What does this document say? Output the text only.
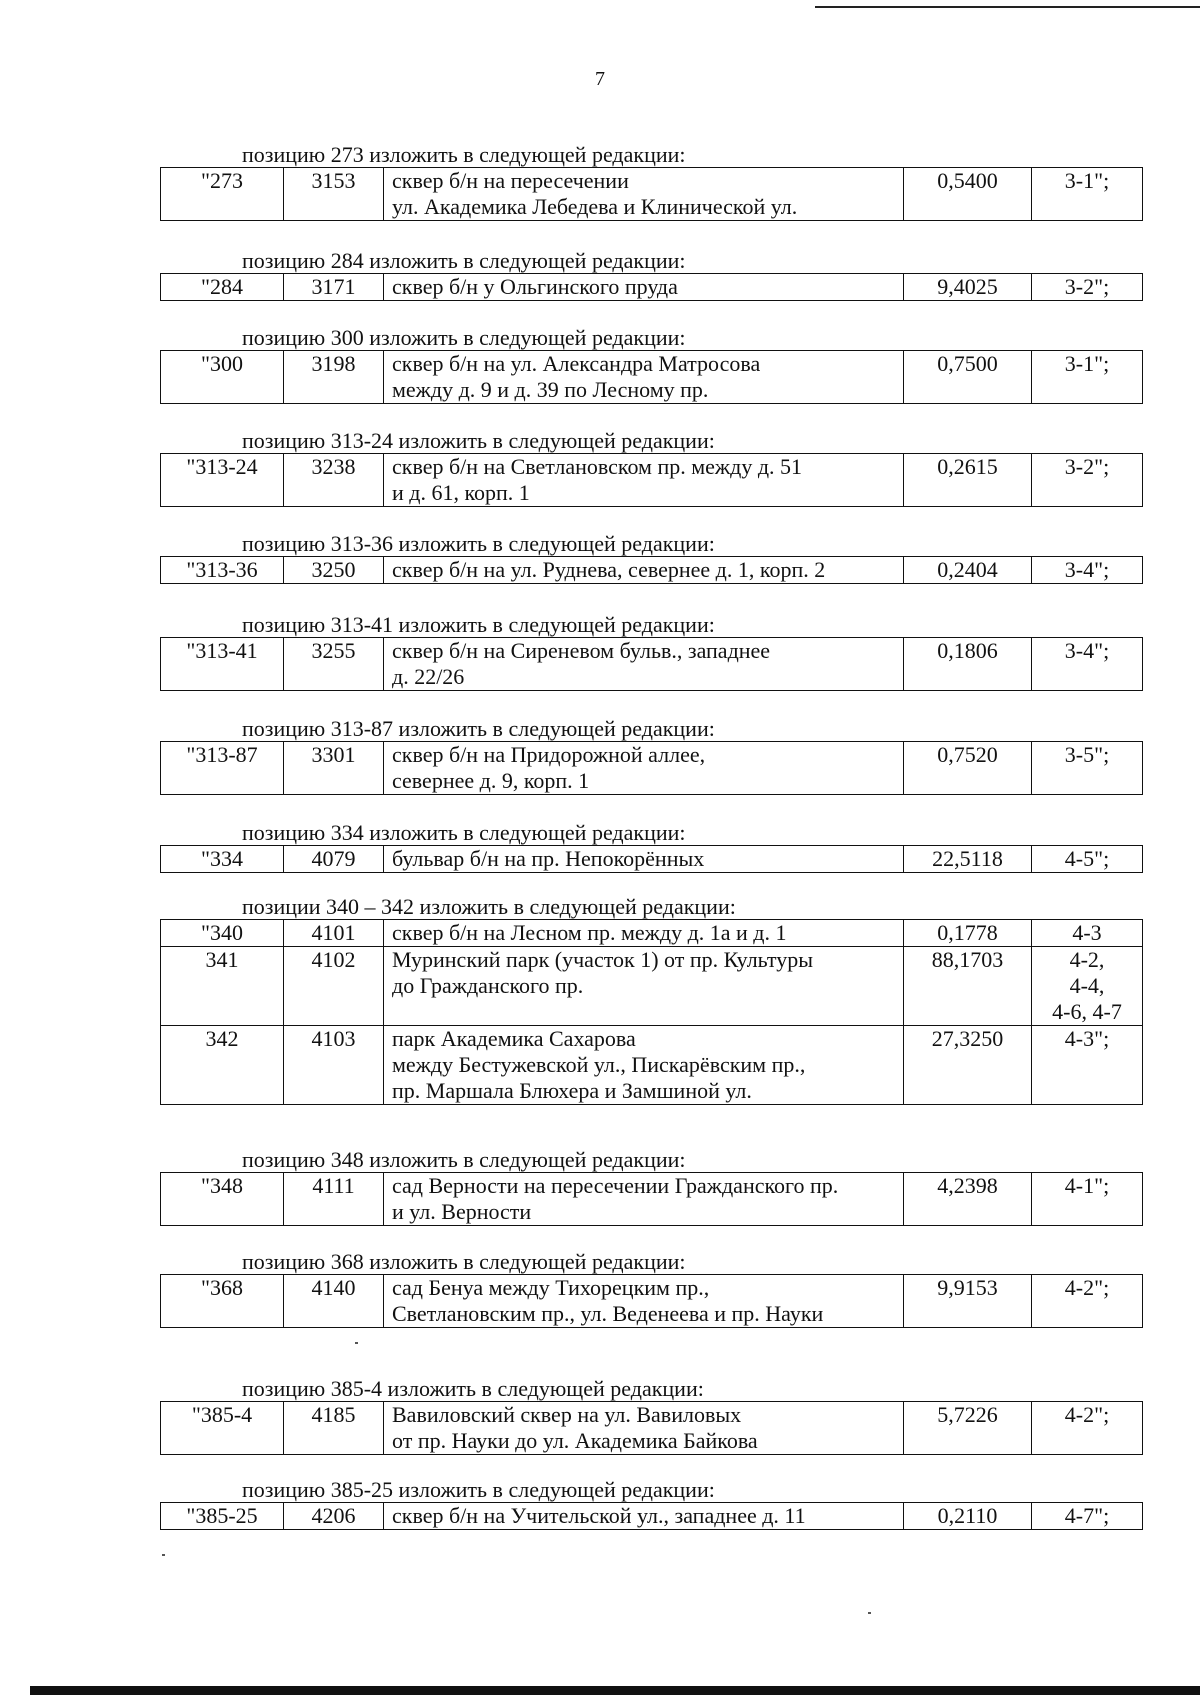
7
позицию 273 изложить в следующей редакции:
"273	3153	сквер б/н на пересечении
ул. Академика Лебедева и Клинической ул.	0,5400	3-1";
позицию 284 изложить в следующей редакции:
"284	3171	сквер б/н у Ольгинского пруда	9,4025	3-2";
позицию 300 изложить в следующей редакции:
"300	3198	сквер б/н на ул. Александра Матросова
между д. 9 и д. 39 по Лесному пр.	0,7500	3-1";
позицию 313-24 изложить в следующей редакции:
"313-24	3238	сквер б/н на Светлановском пр. между д. 51
и д. 61, корп. 1	0,2615	3-2";
позицию 313-36 изложить в следующей редакции:
"313-36	3250	сквер б/н на ул. Руднева, севернее д. 1, корп. 2	0,2404	3-4";
позицию 313-41 изложить в следующей редакции:
"313-41	3255	сквер б/н на Сиреневом бульв., западнее
д. 22/26	0,1806	3-4";
позицию 313-87 изложить в следующей редакции:
"313-87	3301	сквер б/н на Придорожной аллее,
севернее д. 9, корп. 1	0,7520	3-5";
позицию 334 изложить в следующей редакции:
"334	4079	бульвар б/н на пр. Непокорённых	22,5118	4-5";
позиции 340 – 342 изложить в следующей редакции:
"340	4101	сквер б/н на Лесном пр. между д. 1а и д. 1	0,1778	4-3
341	4102	Муринский парк (участок 1) от пр. Культуры
до Гражданского пр.	88,1703	4-2,
4-4,
4-6, 4-7
342	4103	парк Академика Сахарова
между Бестужевской ул., Пискарёвским пр.,
пр. Маршала Блюхера и Замшиной ул.	27,3250	4-3";
позицию 348 изложить в следующей редакции:
"348	4111	сад Верности на пересечении Гражданского пр.
и ул. Верности	4,2398	4-1";
позицию 368 изложить в следующей редакции:
"368	4140	сад Бенуа между Тихорецким пр.,
Светлановским пр., ул. Веденеева и пр. Науки	9,9153	4-2";
позицию 385-4 изложить в следующей редакции:
"385-4	4185	Вавиловский сквер на ул. Вавиловых
от пр. Науки до ул. Академика Байкова	5,7226	4-2";
позицию 385-25 изложить в следующей редакции:
"385-25	4206	сквер б/н на Учительской ул., западнее д. 11	0,2110	4-7";
